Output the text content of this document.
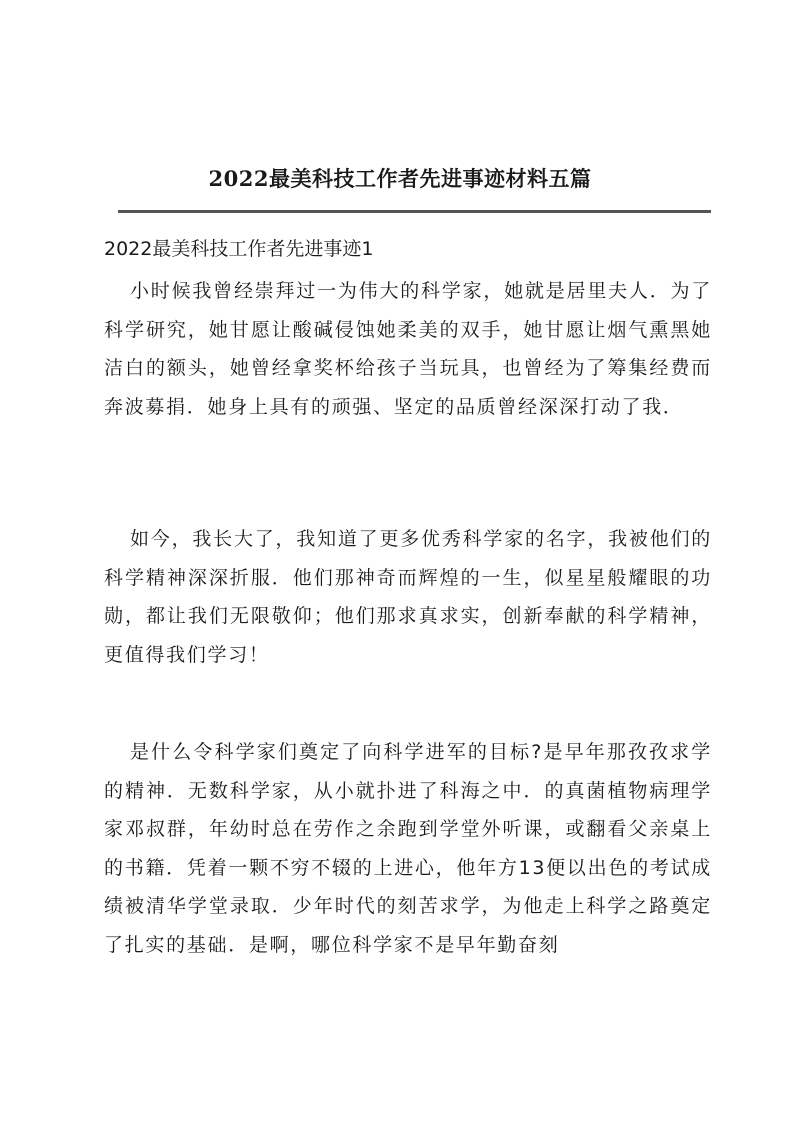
2022最美科技工作者先进事迹材料五篇
2022最美科技工作者先进事迹1

小时候我曾经崇拜过一为伟大的科学家，她就是居里夫人．为了科学研究，她甘愿让酸碱侵蚀她柔美的双手，她甘愿让烟气熏黑她洁白的额头，她曾经拿奖杯给孩子当玩具，也曾经为了筹集经费而奔波募捐．她身上具有的顽强、坚定的品质曾经深深打动了我．

如今，我长大了，我知道了更多优秀科学家的名字，我被他们的科学精神深深折服．他们那神奇而辉煌的一生，似星星般耀眼的功勋，都让我们无限敬仰；他们那求真求实，创新奉献的科学精神，更值得我们学习！

是什么令科学家们奠定了向科学进军的目标?是早年那孜孜求学的精神．无数科学家，从小就扑进了科海之中．的真菌植物病理学家邓叔群，年幼时总在劳作之余跑到学堂外听课，或翻看父亲桌上的书籍．凭着一颗不穷不辍的上进心，他年方13便以出色的考试成绩被清华学堂录取．少年时代的刻苦求学，为他走上科学之路奠定了扎实的基础．是啊，哪位科学家不是早年勤奋刻
